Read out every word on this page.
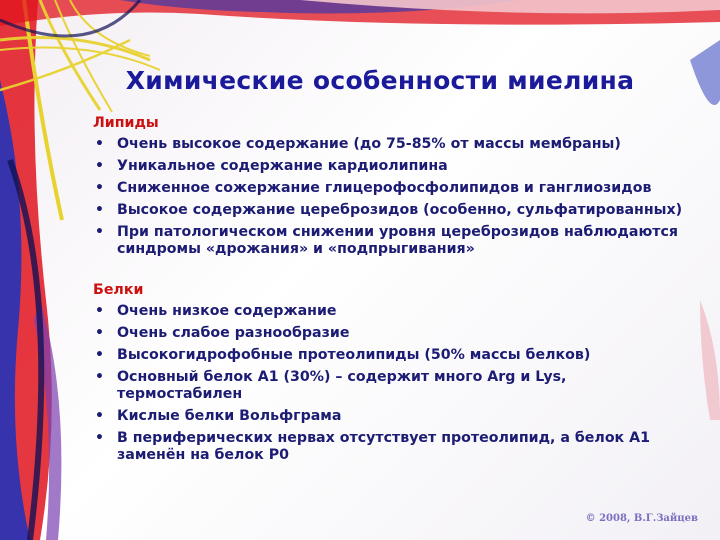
Химические особенности миелина
Липиды
• Очень высокое содержание (до 75-85% от массы мембраны)
• Уникальное содержание кардиолипина
• Сниженное сожержание глицерофосфолипидов и ганглиозидов
• Высокое содержание цереброзидов (особенно, сульфатированных)
• При патологическом снижении уровня цереброзидов наблюдаются синдромы «дрожания» и «подпрыгивания»
Белки
• Очень низкое содержание
• Очень слабое разнообразие
• Высокогидрофобные протеолипиды (50% массы белков)
• Основный белок А1 (30%) – содержит много Arg и Lys, термостабилен
• Кислые белки Вольфграма
• В периферических нервах отсутствует протеолипид, а белок А1 заменён на белок Р0
© 2008, В.Г.Зайцев
